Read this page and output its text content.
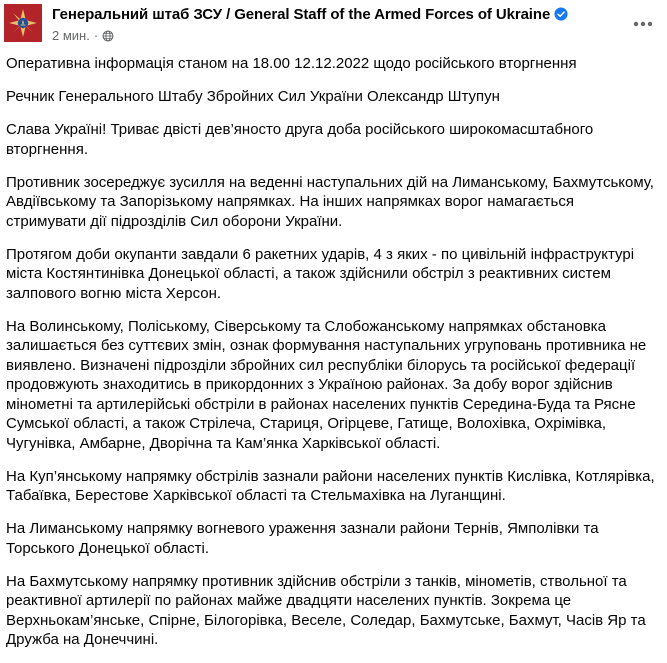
Генеральний штаб ЗСУ / General Staff of the Armed Forces of Ukraine
2 мин. ·

Оперативна інформація станом на 18.00 12.12.2022 щодо російського вторгнення

Речник Генерального Штабу Збройних Сил України Олександр Штупун

Слава Україні! Триває двісті дев’яносто друга доба російського широкомасштабного вторгнення.

Противник зосереджує зусилля на веденні наступальних дій на Лиманському, Бахмутському, Авдіївському та Запорізькому напрямках. На інших напрямках ворог намагається стримувати дії підрозділів Сил оборони України.

Протягом доби окупанти завдали 6 ракетних ударів, 4 з яких - по цивільній інфраструктурі міста Костянтинівка Донецької області, а також здійснили обстріл з реактивних систем залпового вогню міста Херсон.

На Волинському, Поліському, Сіверському та Слобожанському напрямках обстановка залишається без суттєвих змін, ознак формування наступальних угруповань противника не виявлено. Визначені підрозділи збройних сил республіки білорусь та російської федерації продовжують знаходитись в прикордонних з Україною районах. За добу ворог здійснив мінометні та артилерійські обстріли в районах населених пунктів Середина-Буда та Рясне Сумської області, а також Стрілеча, Стариця, Огірцеве, Гатище, Волохівка, Охрімівка, Чугунівка, Амбарне, Дворічна та Кам’янка Харківської області.

На Куп’янському напрямку обстрілів зазнали райони населених пунктів Кислівка, Котлярівка, Табаївка, Берестове Харківської області та Стельмахівка на Луганщині.

На Лиманському напрямку вогневого ураження зазнали райони Тернів, Ямполівки та Торського Донецької області.

На Бахмутському напрямку противник здійснив обстріли з танків, мінометів, ствольної та реактивної артилерії по районах майже двадцяти населених пунктів. Зокрема це Верхньокам’янське, Спірне, Білогорівка, Веселе, Соледар, Бахмутське, Бахмут, Часів Яр та Дружба на Донеччині.
